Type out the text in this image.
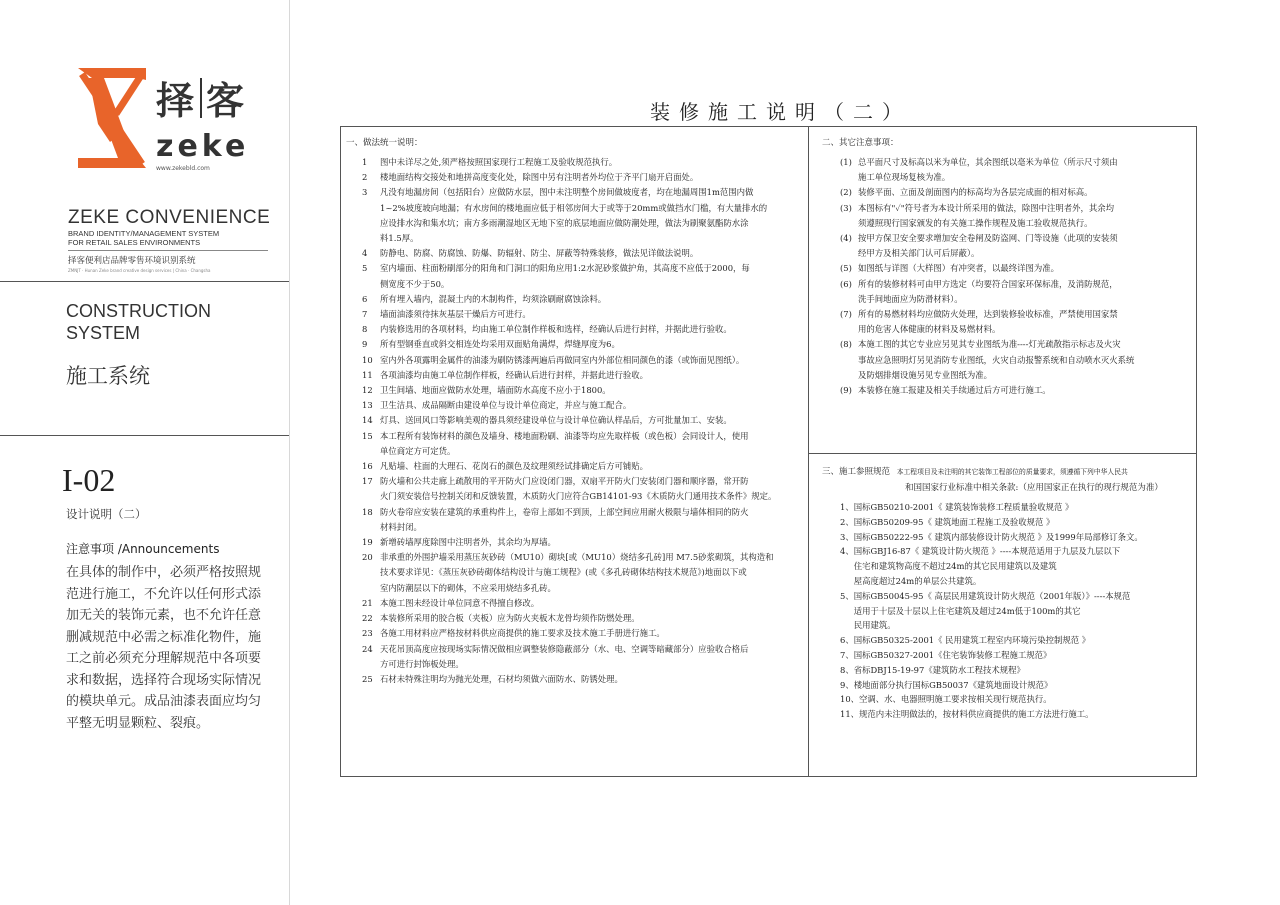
择 客
zeke
www.zekebld.com
ZEKE CONVENIENCE
BRAND IDENTITY/MANAGEMENT SYSTEM
FOR RETAIL SALES ENVIRONMENTS
择客便利店品牌零售环境识别系统
ZMNJT · Hunan Zeke brand creative design services | China · Changsha
CONSTRUCTION
SYSTEM
施工系统
I-02
设计说明（二）
注意事项 /Announcements
在具体的制作中，必须严格按照规范进行施工，不允许以任何形式添加无关的装饰元素，也不允许任意删减规范中必需之标准化物件，施工之前必须充分理解规范中各项要求和数据，选择符合现场实际情况的模块单元。成品油漆表面应均匀平整无明显颗粒、裂痕。
装修施工说明（二）
一、做法统一说明：
1	图中未详尽之处,须严格按照国家现行工程施工及验收规范执行。
2	楼地面结构交接处和地拼高度变化处，除图中另有注明者外均位于齐平门扇开启面处。
3	凡没有地漏房间（包括阳台）应做防水层，图中未注明整个房间做坡度者，均在地漏周围1m范围内做
1~2%坡度坡向地漏；有水房间的楼地面应低于相邻房间大于或等于20mm或做挡水门槛，有大量排水的
应设排水沟和集水坑；南方多雨潮湿地区无地下室的底层地面应做防潮处理，做法为刷聚氨酯防水涂
料1.5厚。
4	防静电、防腐、防腐蚀、防爆、防辐射、防尘、屏蔽等特殊装修，做法见详做法说明。
5	室内墙面、柱面粉刷部分的阳角和门洞口的阳角应用1:2水泥砂浆做护角，其高度不应低于2000，每
侧宽度不少于50。
6	所有埋入墙内，混凝土内的木制构件，均须涂刷耐腐蚀涂料。
7	墙面油漆须待抹灰基层干燥后方可进行。
8	内装修选用的各项材料，均由施工单位制作样板和选样，经确认后进行封样，并据此进行验收。
9	所有型钢垂直或斜交相连处均采用双面贴角满焊，焊缝厚度为6。
10 室内外各项露明金属件的油漆为刷防锈漆两遍后再做同室内外部位相同颜色的漆（或饰面见图纸）。
11 各项油漆均由施工单位制作样板，经确认后进行封样，并据此进行验收。
12 卫生间墙、地面应做防水处理，墙面防水高度不应小于1800。
13 卫生洁具、成品隔断由建设单位与设计单位商定，并应与施工配合。
14 灯具、送回风口等影响美观的器具须经建设单位与设计单位确认样品后，方可批量加工、安装。
15 本工程所有装饰材料的颜色及墙身、楼地面粉刷、油漆等均应先取样板（或色板）会同设计人，使用
单位商定方可定货。
16 凡贴墙、柱面的大理石、花岗石的颜色及纹理须经试排确定后方可铺贴。
17 防火墙和公共走廊上疏散用的平开防火门应设闭门器，双扇平开防火门安装闭门器和顺序器，常开防
火门须安装信号控制关闭和反馈装置，木质防火门应符合GB14101-93《木质防火门通用技术条件》规定。
18 防火卷帘应安装在建筑的承重构件上，卷帘上部如不到顶，上部空间应用耐火极限与墙体相同的防火
材料封闭。
19 新增砖墙厚度除图中注明者外，其余均为厚墙。
20 非承重的外围护墙采用蒸压灰砂砖（MU10）砌块[或（MU10）烧结多孔砖]用 M7.5砂浆砌筑，其构造和
技术要求详见：《蒸压灰砂砖砌体结构设计与施工规程》(或《多孔砖砌体结构技术规范》)地面以下或
室内防潮层以下的砌体，不应采用烧结多孔砖。
21 本施工图未经设计单位同意不得擅自修改。
22 本装修所采用的胶合板（夹板）应为防火夹板木龙骨均须作防燃处理。
23 各施工用材料应严格按材料供应商提供的施工要求及技术施工手册进行施工。
24 天花吊顶高度应按现场实际情况做相应调整装修隐蔽部分（水、电、空调等暗藏部分）应验收合格后
方可进行封饰板处理。
25 石材未特殊注明均为抛光处理，石材均须做六面防水、防锈处理。
二、其它注意事项：
(1) 总平面尺寸及标高以米为单位，其余图纸以毫米为单位（所示尺寸须由
施工单位现场复核为准。
(2) 装修平面、立面及剖面图内的标高均为各层完成面的相对标高。
(3) 本图标有"✓"符号者为本设计所采用的做法，除图中注明者外，其余均
须遵照现行国家颁发的有关施工操作规程及施工验收规范执行。
(4) 按甲方保卫安全要求增加安全卷闸及防盗网、门等设施（此项的安装须
经甲方及相关部门认可后屏蔽）。
(5) 如图纸与详图（大样图）有冲突者，以最终详图为准。
(6) 所有的装修材料可由甲方选定（均要符合国家环保标准，及消防规范，
洗手间地面应为防滑材料）。
(7) 所有的易燃材料均应做防火处理，达到装修验收标准，严禁使用国家禁
用的危害人体健康的材料及易燃材料。
(8) 本施工图的其它专业应另见其专业图纸为准----灯光疏散指示标志及火灾
事故应急照明灯另见消防专业图纸，火灾自动报警系统和自动喷水灭火系统
及防烟排烟设施另见专业图纸为准。
(9) 本装修在施工报建及相关手续通过后方可进行施工。
三、施工参照规范 本工程项目及未注明的其它装饰工程部位的质量要求，须遵循下列中华人民共
和国国家行业标准中相关条款:（应用国家正在执行的现行规范为准）
1、 国标GB50210-2001《 建筑装饰装修工程质量验收规范 》
2、 国标GB50209-95《 建筑地面工程施工及验收规范 》
3、 国标GB50222-95《 建筑内部装修设计防火规范 》及1999年局部修订条文。
4、 国标GBJ16-87《 建筑设计防火规范 》----本规范适用于九层及九层以下
住宅和建筑物高度不超过24m的其它民用建筑以及建筑
屋高度超过24m的单层公共建筑。
5、 国标GB50045-95《 高层民用建筑设计防火规范（2001年版）》----本规范
适用于十层及十层以上住宅建筑及超过24m低于100m的其它
民用建筑。
6、 国标GB50325-2001《 民用建筑工程室内环境污染控制规范 》
7、 国标GB50327-2001《住宅装饰装修工程施工规范》
8、 省标DBJ15-19-97《建筑防水工程技术规程》
9、 楼地面部分执行国标GB50037《建筑地面设计规范》
10、 空调、水、电器照明施工要求按相关现行规范执行。
11、 规范内未注明做法的，按材料供应商提供的施工方法进行施工。
